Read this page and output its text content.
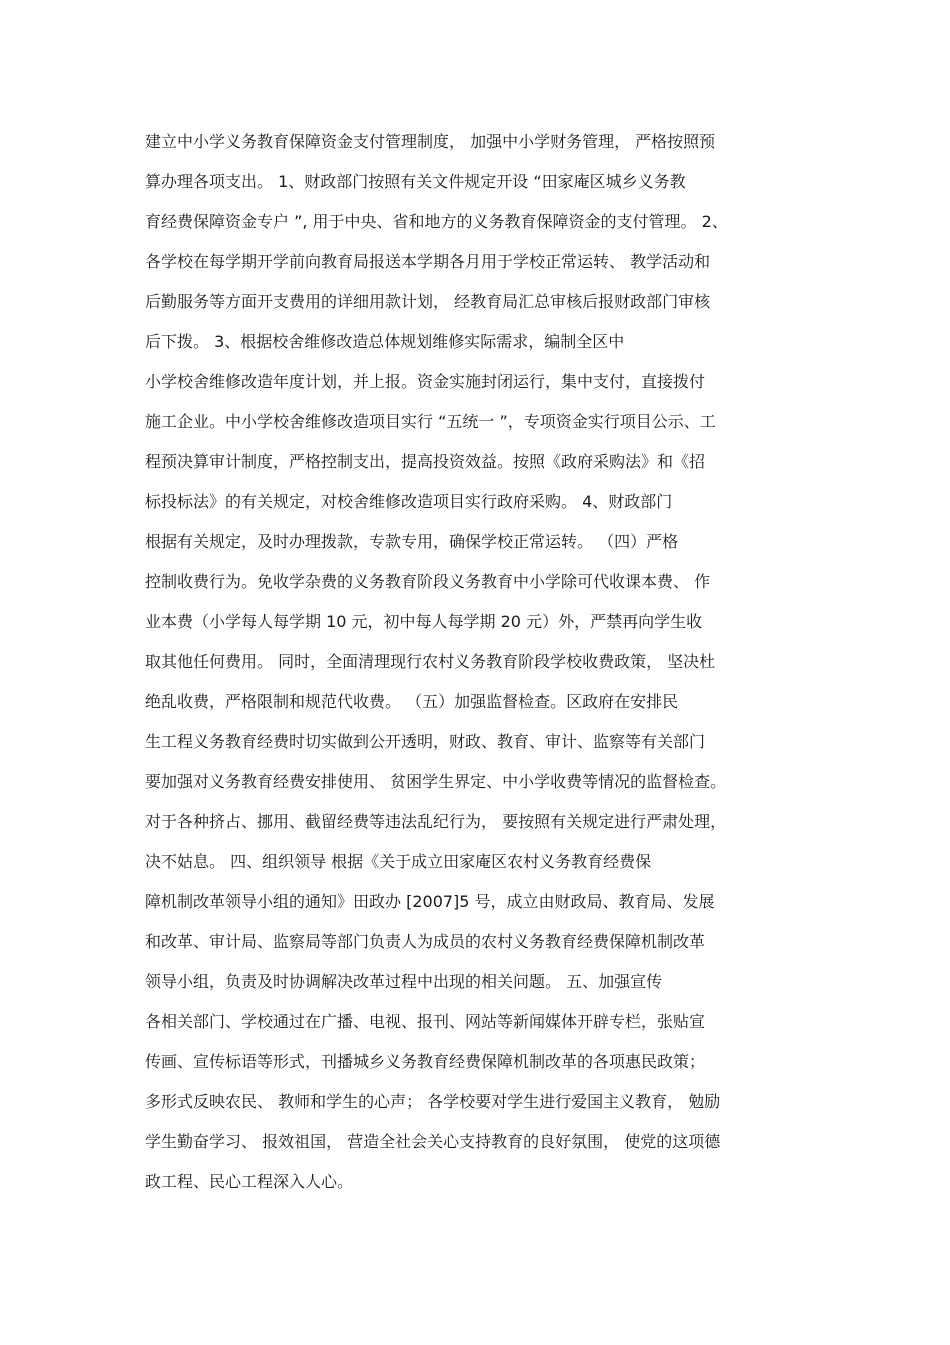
建立中小学义务教育保障资金支付管理制度， 加强中小学财务管理， 严格按照预
算办理各项支出。 1、财政部门按照有关文件规定开设 “田家庵区城乡义务教
育经费保障资金专户 ”, 用于中央、省和地方的义务教育保障资金的支付管理。 2、
各学校在每学期开学前向教育局报送本学期各月用于学校正常运转、 教学活动和
后勤服务等方面开支费用的详细用款计划， 经教育局汇总审核后报财政部门审核
后下拨。 3、根据校舍维修改造总体规划维修实际需求，编制全区中
小学校舍维修改造年度计划，并上报。资金实施封闭运行，集中支付，直接拨付
施工企业。中小学校舍维修改造项目实行 “五统一 ”，专项资金实行项目公示、工
程预决算审计制度，严格控制支出，提高投资效益。按照《政府采购法》和《招
标投标法》的有关规定，对校舍维修改造项目实行政府采购。 4、财政部门
根据有关规定，及时办理拨款，专款专用，确保学校正常运转。 （四）严格
控制收费行为。免收学杂费的义务教育阶段义务教育中小学除可代收课本费、 作
业本费（小学每人每学期 10 元，初中每人每学期 20 元）外，严禁再向学生收
取其他任何费用。 同时，全面清理现行农村义务教育阶段学校收费政策， 坚决杜
绝乱收费，严格限制和规范代收费。 （五）加强监督检查。区政府在安排民
生工程义务教育经费时切实做到公开透明，财政、教育、审计、监察等有关部门
要加强对义务教育经费安排使用、 贫困学生界定、中小学收费等情况的监督检查。
对于各种挤占、挪用、截留经费等违法乱纪行为， 要按照有关规定进行严肃处理，
决不姑息。 四、组织领导 根据《关于成立田家庵区农村义务教育经费保
障机制改革领导小组的通知》田政办 [2007]5 号，成立由财政局、教育局、发展
和改革、审计局、监察局等部门负责人为成员的农村义务教育经费保障机制改革
领导小组，负责及时协调解决改革过程中出现的相关问题。 五、加强宣传
各相关部门、学校通过在广播、电视、报刊、网站等新闻媒体开辟专栏，张贴宣
传画、宣传标语等形式，刊播城乡义务教育经费保障机制改革的各项惠民政策；
多形式反映农民、 教师和学生的心声； 各学校要对学生进行爱国主义教育， 勉励
学生勤奋学习、 报效祖国， 营造全社会关心支持教育的良好氛围， 使党的这项德
政工程、民心工程深入人心。
